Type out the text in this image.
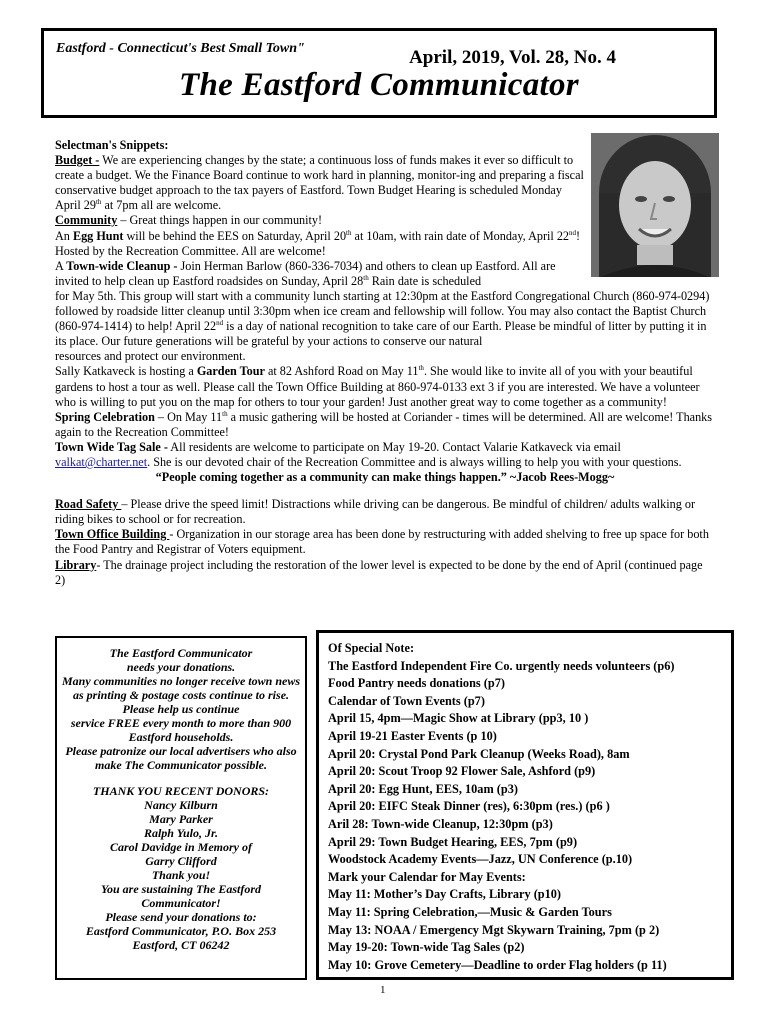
Eastford - Connecticut's Best Small Town"	April, 2019, Vol. 28, No. 4
The Eastford Communicator

Selectman's Snippets:

Budget - We are experiencing changes by the state; a continuous loss of funds makes it ever so difficult to create a budget. We the Finance Board continue to work hard in planning, monitor-ing and preparing a fiscal conservative budget approach to the tax payers of Eastford. Town Budget Hearing is scheduled Monday April 29th at 7pm all are welcome.

Community – Great things happen in our community!

An Egg Hunt will be behind the EES on Saturday, April 20th at 10am, with rain date of Monday, April 22nd! Hosted by the Recreation Committee. All are welcome!

A Town-wide Cleanup - Join Herman Barlow (860-336-7034) and others to clean up Eastford. All are invited to help clean up Eastford roadsides on Sunday, April 28th Rain date is scheduled

for May 5th. This group will start with a community lunch starting at 12:30pm at the Eastford Congregational Church (860-974-0294) followed by roadside litter cleanup until 3:30pm when ice cream and fellowship will follow. You may also contact the Baptist Church (860-974-1414) to help! April 22nd is a day of national recognition to take care of our Earth. Please be mindful of litter by putting it in its place. Our future generations will be grateful by your actions to conserve our natural

resources and protect our environment.

Sally Katkaveck is hosting a Garden Tour at 82 Ashford Road on May 11th. She would like to invite all of you with your beautiful gardens to host a tour as well. Please call the Town Office Building at 860-974-0133 ext 3 if you are interested. We have a volunteer who is willing to put you on the map for others to tour your garden! Just another great way to come together as a community!

Spring Celebration – On May 11th a music gathering will be hosted at Coriander - times will be determined. All are welcome! Thanks again to the Recreation Committee!

Town Wide Tag Sale - All residents are welcome to participate on May 19-20. Contact Valarie Katkaveck via email valkat@charter.net. She is our devoted chair of the Recreation Committee and is always willing to help you with your questions.

“People coming together as a community can make things happen.” ~Jacob Rees-Mogg~

Road Safety – Please drive the speed limit! Distractions while driving can be dangerous. Be mindful of children/ adults walking or riding bikes to school or for recreation.

Town Office Building - Organization in our storage area has been done by restructuring with added shelving to free up space for both the Food Pantry and Registrar of Voters equipment.

Library- The drainage project including the restoration of the lower level is expected to be done by the end of April (continued page 2)

The Eastford Communicator
needs your donations.
Many communities no longer receive town news as printing & postage costs continue to rise.
Please help us continue
service FREE every month to more than 900 Eastford households.
Please patronize our local advertisers who also make The Communicator possible.
THANK YOU RECENT DONORS:
Nancy Kilburn
Mary Parker
Ralph Yulo, Jr.
Carol Davidge in Memory of
Garry Clifford
Thank you!
You are sustaining The Eastford Communicator!
Please send your donations to:
Eastford Communicator, P.O. Box 253
Eastford, CT 06242
Of Special Note:
The Eastford Independent Fire Co. urgently needs volunteers (p6)
Food Pantry needs donations (p7)
Calendar of Town Events (p7)
April 15, 4pm—Magic Show at Library (pp3, 10 )
April 19-21 Easter Events (p 10)
April 20: Crystal Pond Park Cleanup (Weeks Road), 8am
April 20: Scout Troop 92 Flower Sale, Ashford (p9)
April 20: Egg Hunt, EES, 10am (p3)
April 20: EIFC Steak Dinner (res), 6:30pm (res.) (p6 )
Aril 28: Town-wide Cleanup, 12:30pm (p3)
April 29: Town Budget Hearing, EES, 7pm (p9)
Woodstock Academy Events—Jazz, UN Conference (p.10)
Mark your Calendar for May Events:
May 11: Mother’s Day Crafts, Library (p10)
May 11: Spring Celebration,—Music & Garden Tours
May 13: NOAA / Emergency Mgt Skywarn Training, 7pm (p 2)
May 19-20: Town-wide Tag Sales (p2)
May 10: Grove Cemetery—Deadline to order Flag holders (p 11)
1
